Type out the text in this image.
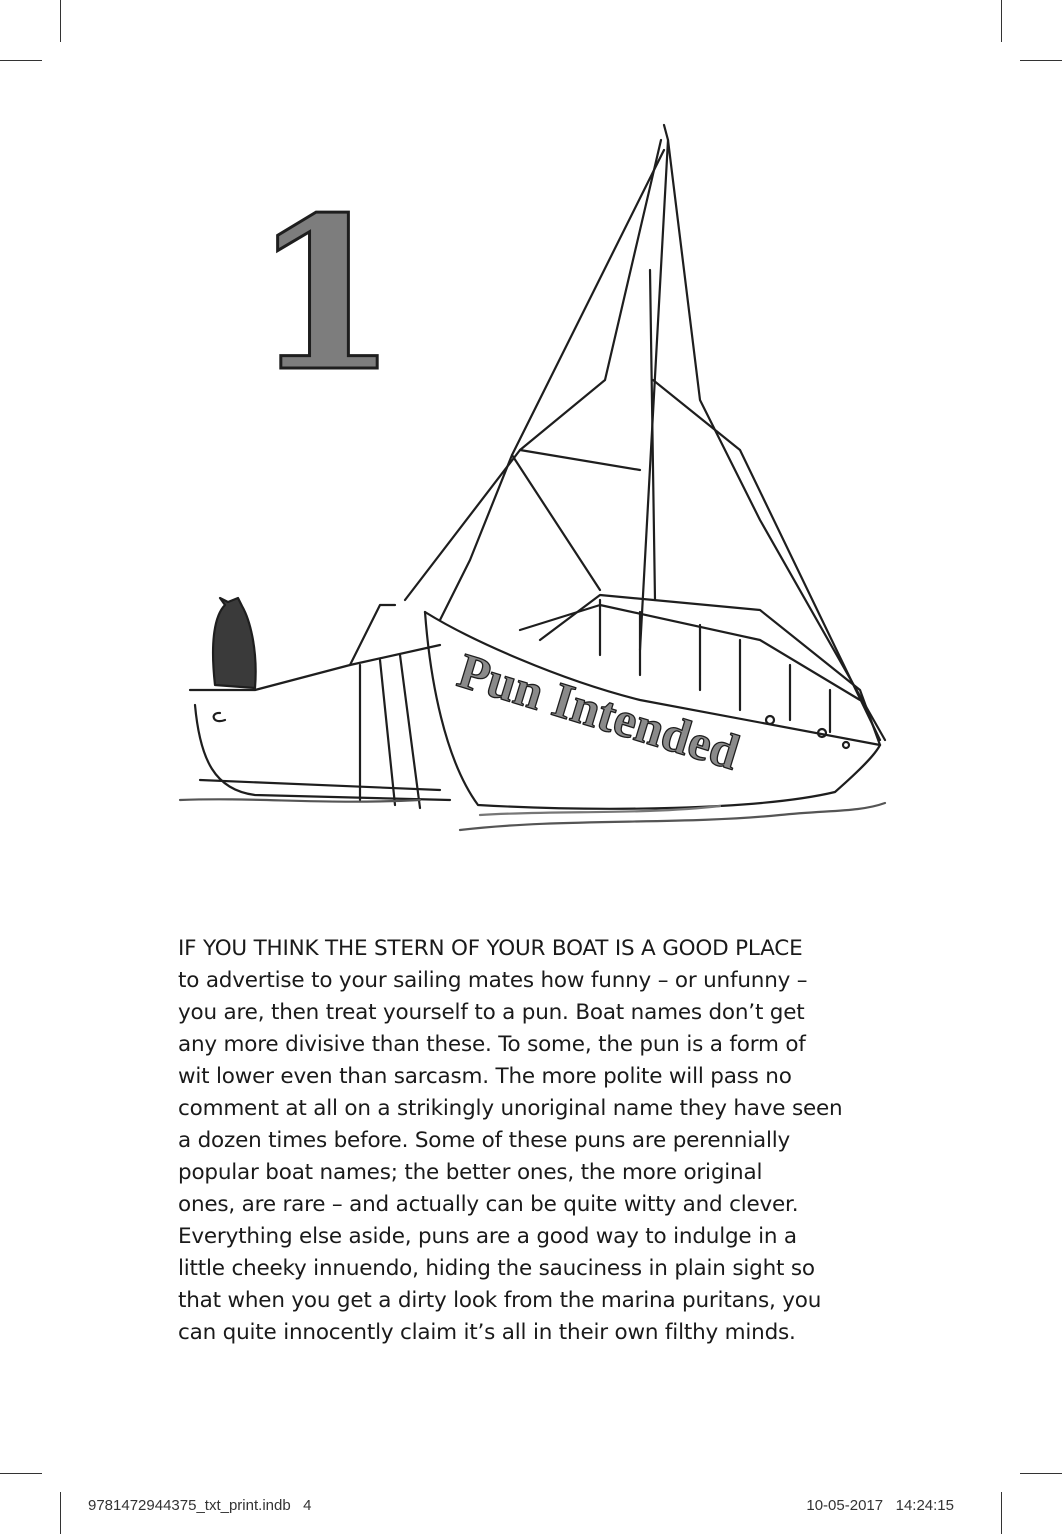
1
Pun Intended
IF YOU THINK THE STERN OF YOUR BOAT IS A GOOD PLACE
to advertise to your sailing mates how funny – or unfunny –
you are, then treat yourself to a pun. Boat names don’t get
any more divisive than these. To some, the pun is a form of
wit lower even than sarcasm. The more polite will pass no
comment at all on a strikingly unoriginal name they have seen
a dozen times before. Some of these puns are perennially
popular boat names; the better ones, the more original
ones, are rare – and actually can be quite witty and clever.
Everything else aside, puns are a good way to indulge in a
little cheeky innuendo, hiding the sauciness in plain sight so
that when you get a dirty look from the marina puritans, you
can quite innocently claim it’s all in their own filthy minds.
9781472944375_txt_print.indb   4	10-05-2017   14:24:15
